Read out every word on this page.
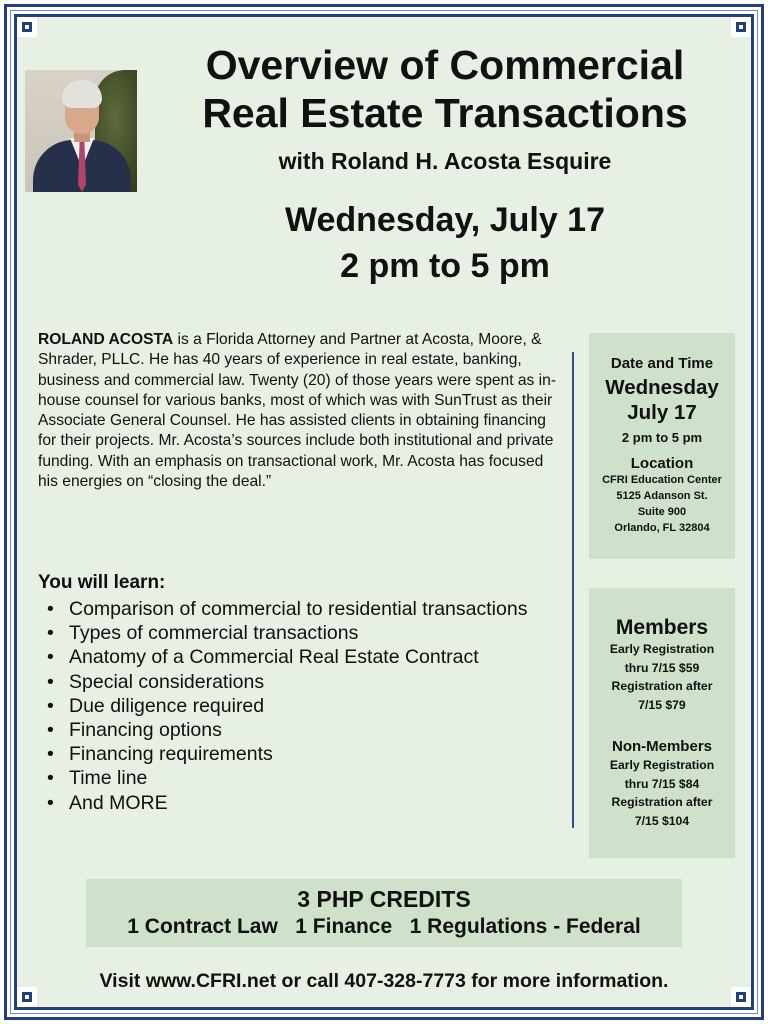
Overview of Commercial
Real Estate Transactions
with Roland H. Acosta Esquire
Wednesday, July 17
2 pm to 5 pm

ROLAND ACOSTA is a Florida Attorney and Partner at Acosta, Moore, & Shrader, PLLC. He has 40 years of experience in real estate, banking, business and commercial law. Twenty (20) of those years were spent as in-house counsel for various banks, most of which was with SunTrust as their Associate General Counsel. He has assisted clients in obtaining financing for their projects. Mr. Acosta’s sources include both institutional and private funding. With an emphasis on transactional work, Mr. Acosta has focused his energies on “closing the deal.”

You will learn:
• Comparison of commercial to residential transactions
• Types of commercial transactions
• Anatomy of a Commercial Real Estate Contract
• Special considerations
• Due diligence required
• Financing options
• Financing requirements
• Time line
• And MORE
Date and Time
Wednesday
July 17
2 pm to 5 pm
Location
CFRI Education Center
5125 Adanson St.
Suite 900
Orlando, FL 32804
Members
Early Registration
thru 7/15 $59
Registration after
7/15 $79
Non-Members
Early Registration
thru 7/15 $84
Registration after
7/15 $104
3 PHP CREDITS
1 Contract Law   1 Finance   1 Regulations - Federal
Visit www.CFRI.net or call 407-328-7773 for more information.
